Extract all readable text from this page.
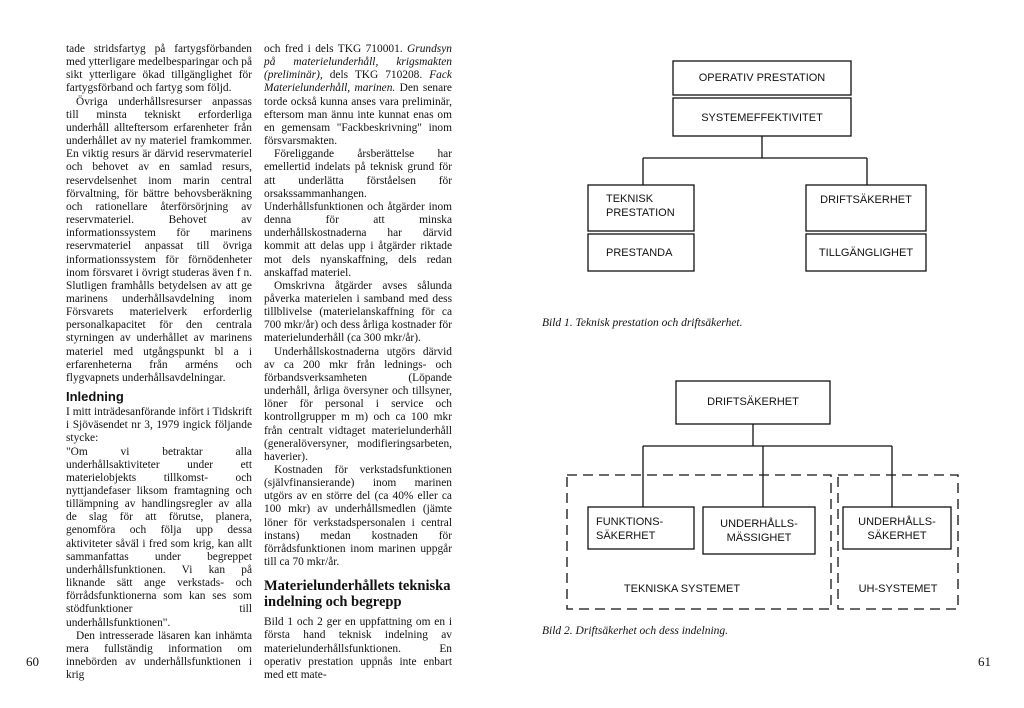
tade stridsfartyg på fartygsförbanden med ytterligare medelbesparingar och på sikt ytterligare ökad tillgänglighet för fartygsförband och fartyg som följd.

Övriga underhållsresurser anpassas till minsta tekniskt erforderliga underhåll allteftersom erfarenheter från underhållet av ny materiel framkommer. En viktig resurs är därvid reservmateriel och behovet av en samlad resurs, reservdelsenhet inom marin central förvaltning, för bättre behovsberäkning och rationellare återförsörjning av reservmateriel. Behovet av informationssystem för marinens reservmateriel anpassat till övriga informationssystem för förnödenheter inom försvaret i övrigt studeras även f n. Slutligen framhålls betydelsen av att ge marinens underhållsavdelning inom Försvarets materielverk erforderlig personalkapacitet för den centrala styrningen av underhållet av marinens materiel med utgångspunkt bl a i erfarenheterna från arméns och flygvapnets underhållsavdelningar.

Inledning

I mitt inträdesanförande infört i Tidskrift i Sjöväsendet nr 3, 1979 ingick följande stycke:

"Om vi betraktar alla underhållsaktiviteter under ett materielobjekts tillkomst- och nyttjandefaser liksom framtagning och tillämpning av handlingsregler av alla de slag för att förutse, planera, genomföra och följa upp dessa aktiviteter såväl i fred som krig, kan allt sammanfattas under begreppet underhållsfunktionen. Vi kan på liknande sätt ange verkstads- och förrådsfunktionerna som kan ses som stödfunktioner till underhållsfunktionen".

Den intresserade läsaren kan inhämta mera fullständig information om innebörden av underhållsfunktionen i krig

och fred i dels TKG 710001. Grundsyn på materielunderhåll, krigsmakten (preliminär), dels TKG 710208. Fack Materielunderhåll, marinen. Den senare torde också kunna anses vara preliminär, eftersom man ännu inte kunnat enas om en gemensam "Fackbeskrivning" inom försvarsmakten.

Föreliggande årsberättelse har emellertid indelats på teknisk grund för att underlätta förståelsen för orsakssammanhangen. Underhållsfunktionen och åtgärder inom denna för att minska underhållskostnaderna har därvid kommit att delas upp i åtgärder riktade mot dels nyanskaffning, dels redan anskaffad materiel.

Omskrivna åtgärder avses sålunda påverka materielen i samband med dess tillblivelse (materielanskaffning för ca 700 mkr/år) och dess årliga kostnader för materielunderhåll (ca 300 mkr/år).

Underhållskostnaderna utgörs därvid av ca 200 mkr från lednings- och förbandsverksamheten (Löpande underhåll, årliga översyner och tillsyner, löner för personal i service och kontrollgrupper m m) och ca 100 mkr från centralt vidtaget materielunderhåll (generalöversyner, modifieringsarbeten, haverier).

Kostnaden för verkstadsfunktionen (självfinansierande) inom marinen utgörs av en större del (ca 40% eller ca 100 mkr) av underhållsmedlen (jämte löner för verkstadspersonalen i central instans) medan kostnaden för förrådsfunktionen inom marinen uppgår till ca 70 mkr/år.

Materielunderhållets tekniska indelning och begrepp

Bild 1 och 2 ger en uppfattning om en i första hand teknisk indelning av materielunderhållsfunktionen. En operativ prestation uppnås inte enbart med ett mate-

60
OPERATIV PRESTATION
SYSTEMEFFEKTIVITET
TEKNISK
PRESTATION
DRIFTSÄKERHET
PRESTANDA	TILLGÄNGLIGHET
DRIFTSÄKERHET
FUNKTIONS-
SÄKERHET
UNDERHÅLLS-
MÄSSIGHET
UNDERHÅLLS-
SÄKERHET
TEKNISKA SYSTEMET	UH-SYSTEMET
Bild 1. Teknisk prestation och driftsäkerhet.
Bild 2. Driftsäkerhet och dess indelning.
61
